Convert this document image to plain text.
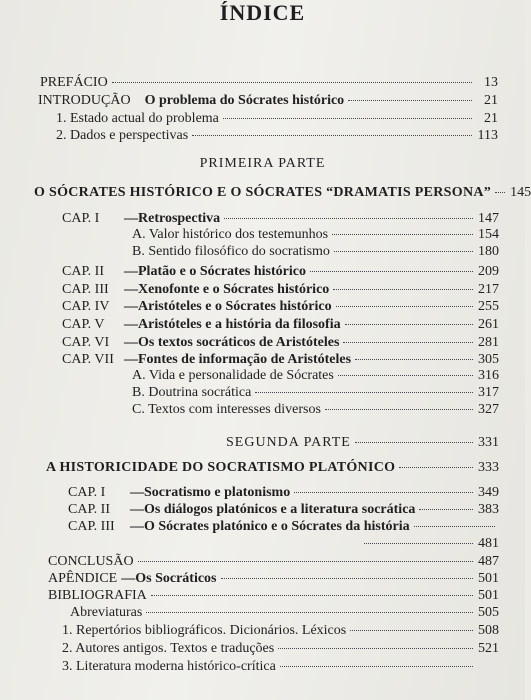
ÍNDICE
PREFÁCIO	13
INTRODUÇÃO O problema do Sócrates histórico	21
1. Estado actual do problema	21
2. Dados e perspectivas	113
PRIMEIRA PARTE
O SÓCRATES HISTÓRICO E O SÓCRATES “DRAMATIS PERSONA” 145
CAP. I	— Retrospectiva	147
A. Valor histórico dos testemunhos	154
B. Sentido filosófico do socratismo	180
CAP. II	— Platão e o Sócrates histórico	209
CAP. III	— Xenofonte e o Sócrates histórico	217
CAP. IV	— Aristóteles e o Sócrates histórico	255
CAP. V	— Aristóteles e a história da filosofia	261
CAP. VI	— Os textos socráticos de Aristóteles	281
CAP. VII — Fontes de informação de Aristóteles	305
A. Vida e personalidade de Sócrates	316
B. Doutrina socrática	317
C. Textos com interesses diversos	327
SEGUNDA PARTE	331
A HISTORICIDADE DO SOCRATISMO PLATÓNICO	333
CAP. I	— Socratismo e platonismo	349
CAP. II	— Os diálogos platónicos e a literatura socrática	383
CAP. III	— O Sócrates platónico e o Sócrates da história
481
CONCLUSÃO	487
APÊNDICE — Os Socráticos	501
BIBLIOGRAFIA	501
Abreviaturas	505
1. Repertórios bibliográficos. Dicionários. Léxicos	508
2. Autores antigos. Textos e traduções	521
3. Literatura moderna histórico-crítica
